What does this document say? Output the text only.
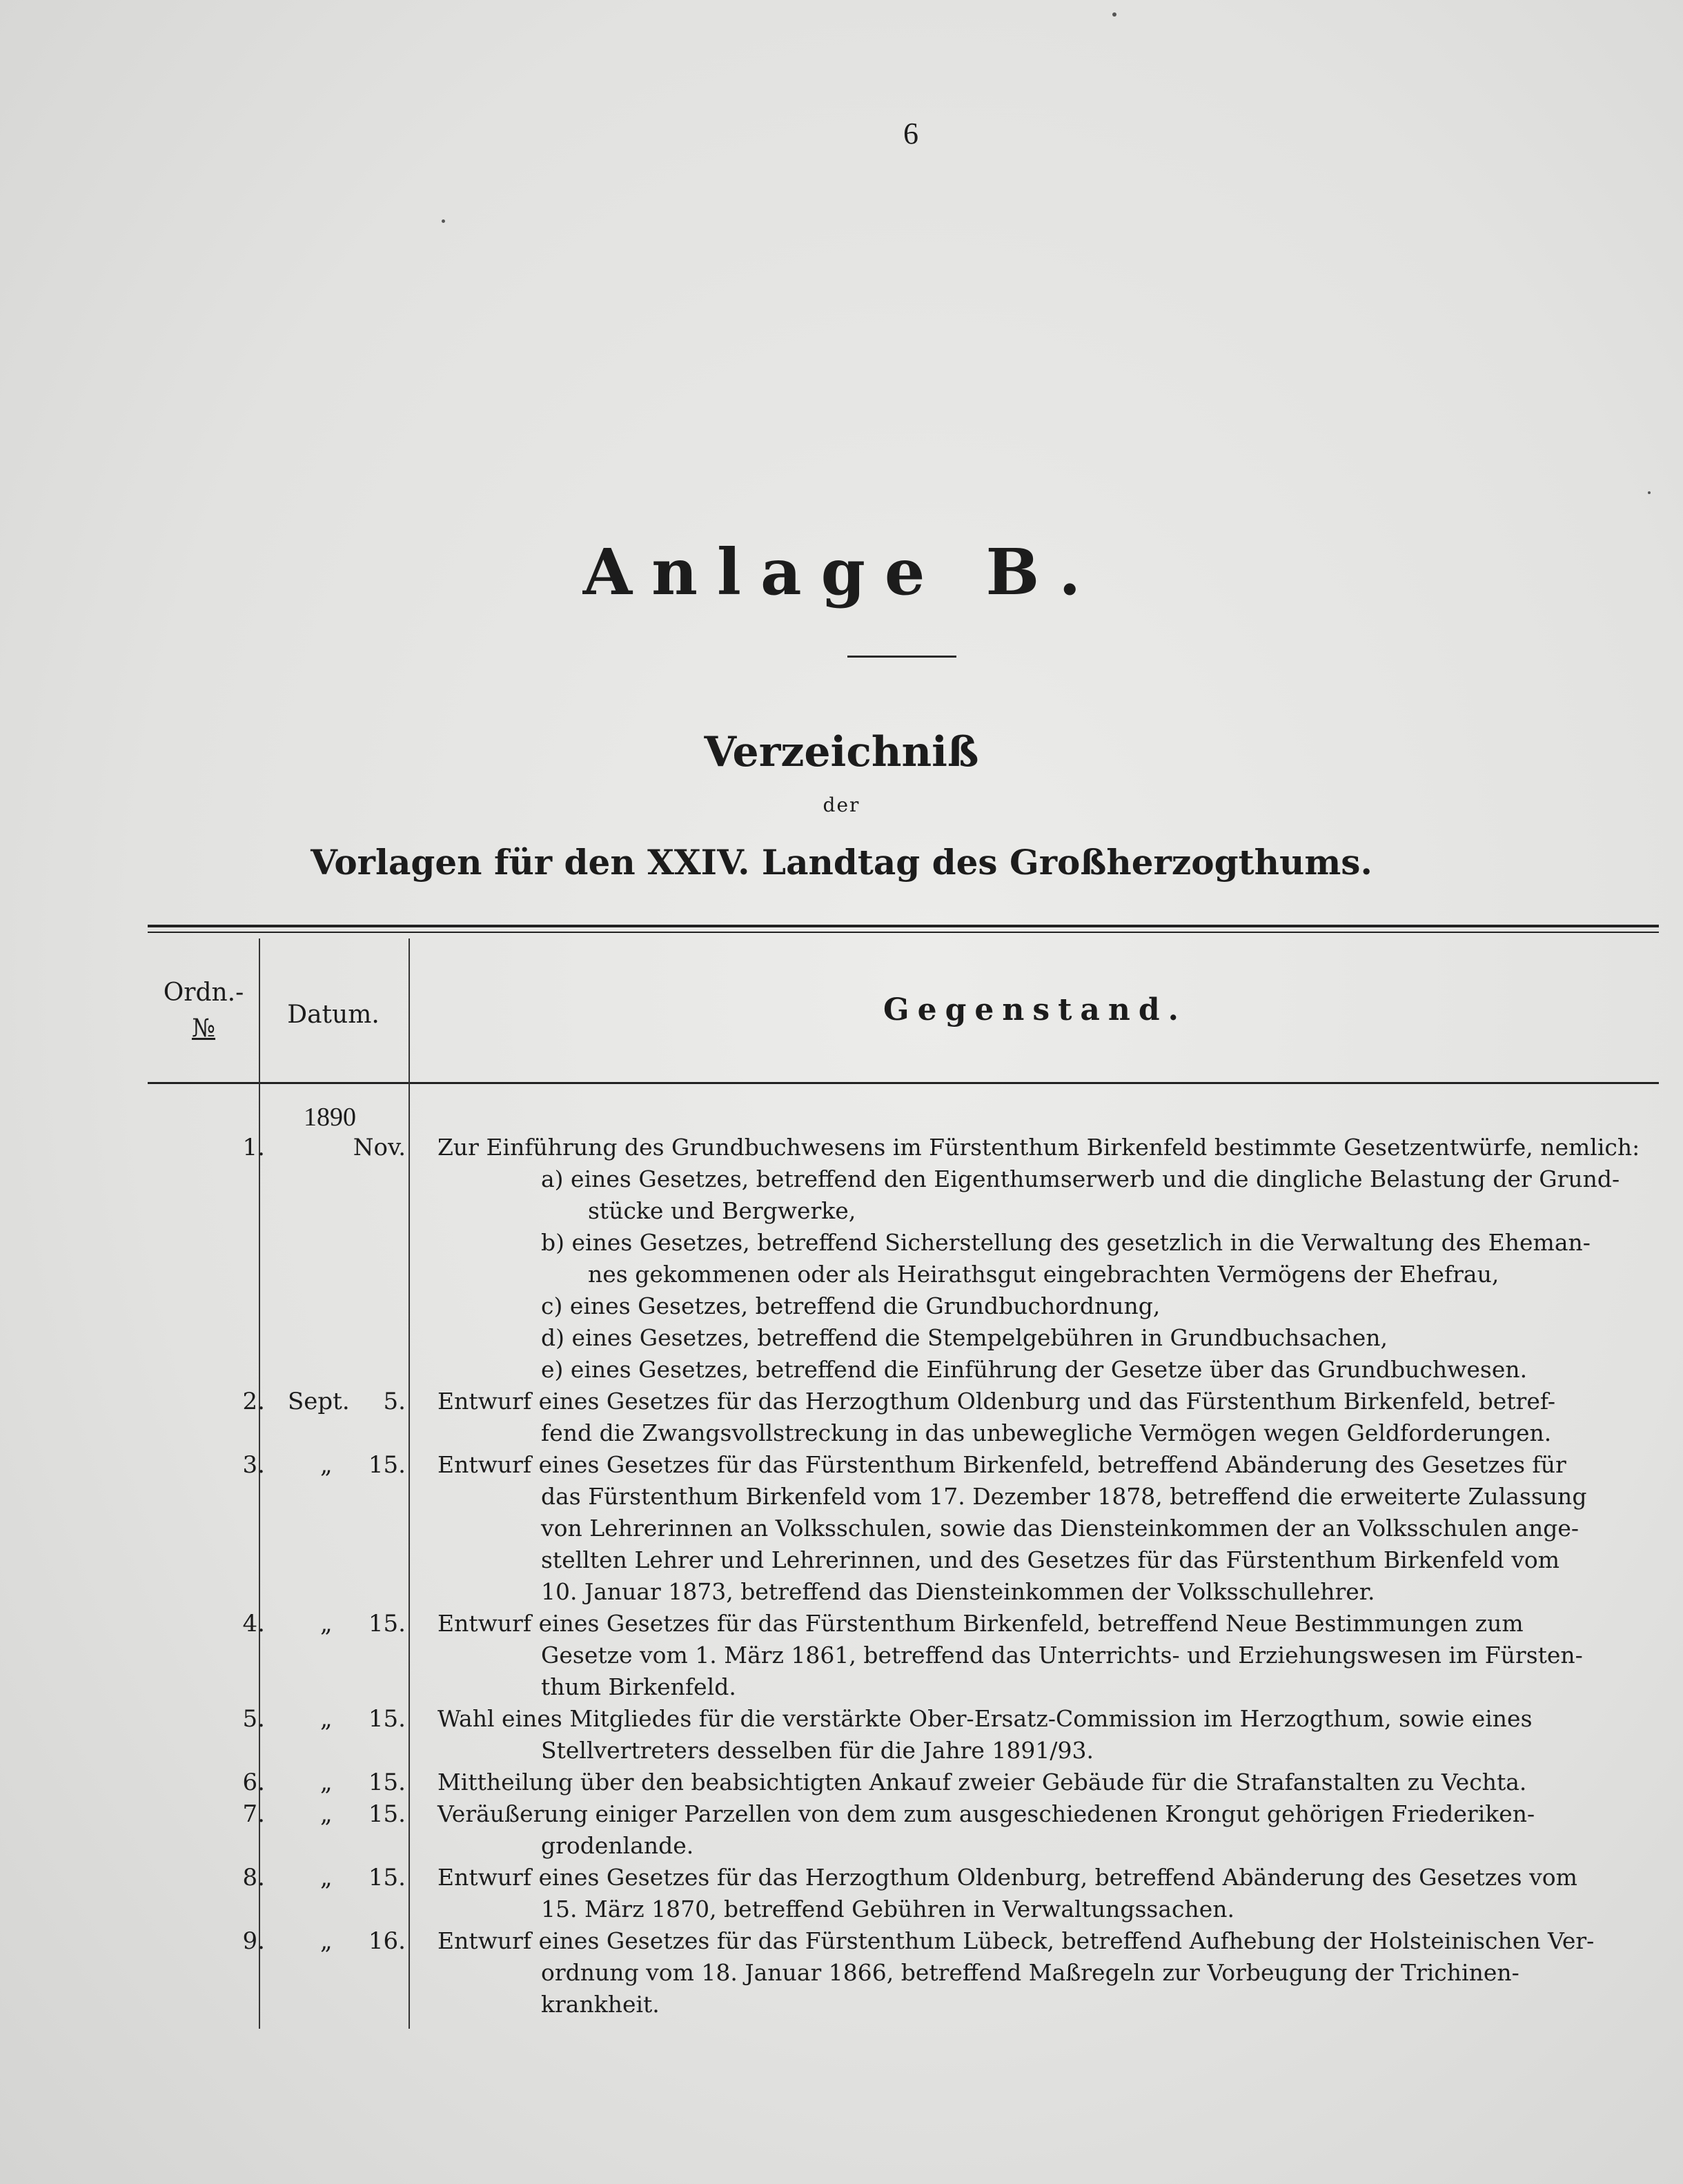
6
Anlage B.
Verzeichniß
der
Vorlagen für den XXIV. Landtag des Großherzogthums.
Ordn.-
№	Datum.	Gegenstand.
1890
1.	Nov. Zur Einführung des Grundbuchwesens im Fürstenthum Birkenfeld bestimmte Gesetzentwürfe, nemlich:
a) eines Gesetzes, betreffend den Eigenthumserwerb und die dingliche Belastung der Grund-
stücke und Bergwerke,
b) eines Gesetzes, betreffend Sicherstellung des gesetzlich in die Verwaltung des Eheman-
nes gekommenen oder als Heirathsgut eingebrachten Vermögens der Ehefrau,
c) eines Gesetzes, betreffend die Grundbuchordnung,
d) eines Gesetzes, betreffend die Stempelgebühren in Grundbuchsachen,
e) eines Gesetzes, betreffend die Einführung der Gesetze über das Grundbuchwesen.
2. Sept. 5. Entwurf eines Gesetzes für das Herzogthum Oldenburg und das Fürstenthum Birkenfeld, betref-
fend die Zwangsvollstreckung in das unbewegliche Vermögen wegen Geldforderungen.
3. „ 15. Entwurf eines Gesetzes für das Fürstenthum Birkenfeld, betreffend Abänderung des Gesetzes für
das Fürstenthum Birkenfeld vom 17. Dezember 1878, betreffend die erweiterte Zulassung
von Lehrerinnen an Volksschulen, sowie das Diensteinkommen der an Volksschulen ange-
stellten Lehrer und Lehrerinnen, und des Gesetzes für das Fürstenthum Birkenfeld vom
10. Januar 1873, betreffend das Diensteinkommen der Volksschullehrer.
4. „ 15. Entwurf eines Gesetzes für das Fürstenthum Birkenfeld, betreffend Neue Bestimmungen zum
Gesetze vom 1. März 1861, betreffend das Unterrichts- und Erziehungswesen im Fürsten-
thum Birkenfeld.
5. „ 15. Wahl eines Mitgliedes für die verstärkte Ober-Ersatz-Commission im Herzogthum, sowie eines
Stellvertreters desselben für die Jahre 1891/93.
6. „ 15. Mittheilung über den beabsichtigten Ankauf zweier Gebäude für die Strafanstalten zu Vechta.
7. „ 15. Veräußerung einiger Parzellen von dem zum ausgeschiedenen Krongut gehörigen Friederiken-
grodenlande.
8. „ 15. Entwurf eines Gesetzes für das Herzogthum Oldenburg, betreffend Abänderung des Gesetzes vom
15. März 1870, betreffend Gebühren in Verwaltungssachen.
9. „ 16. Entwurf eines Gesetzes für das Fürstenthum Lübeck, betreffend Aufhebung der Holsteinischen Ver-
ordnung vom 18. Januar 1866, betreffend Maßregeln zur Vorbeugung der Trichinen-
krankheit.
